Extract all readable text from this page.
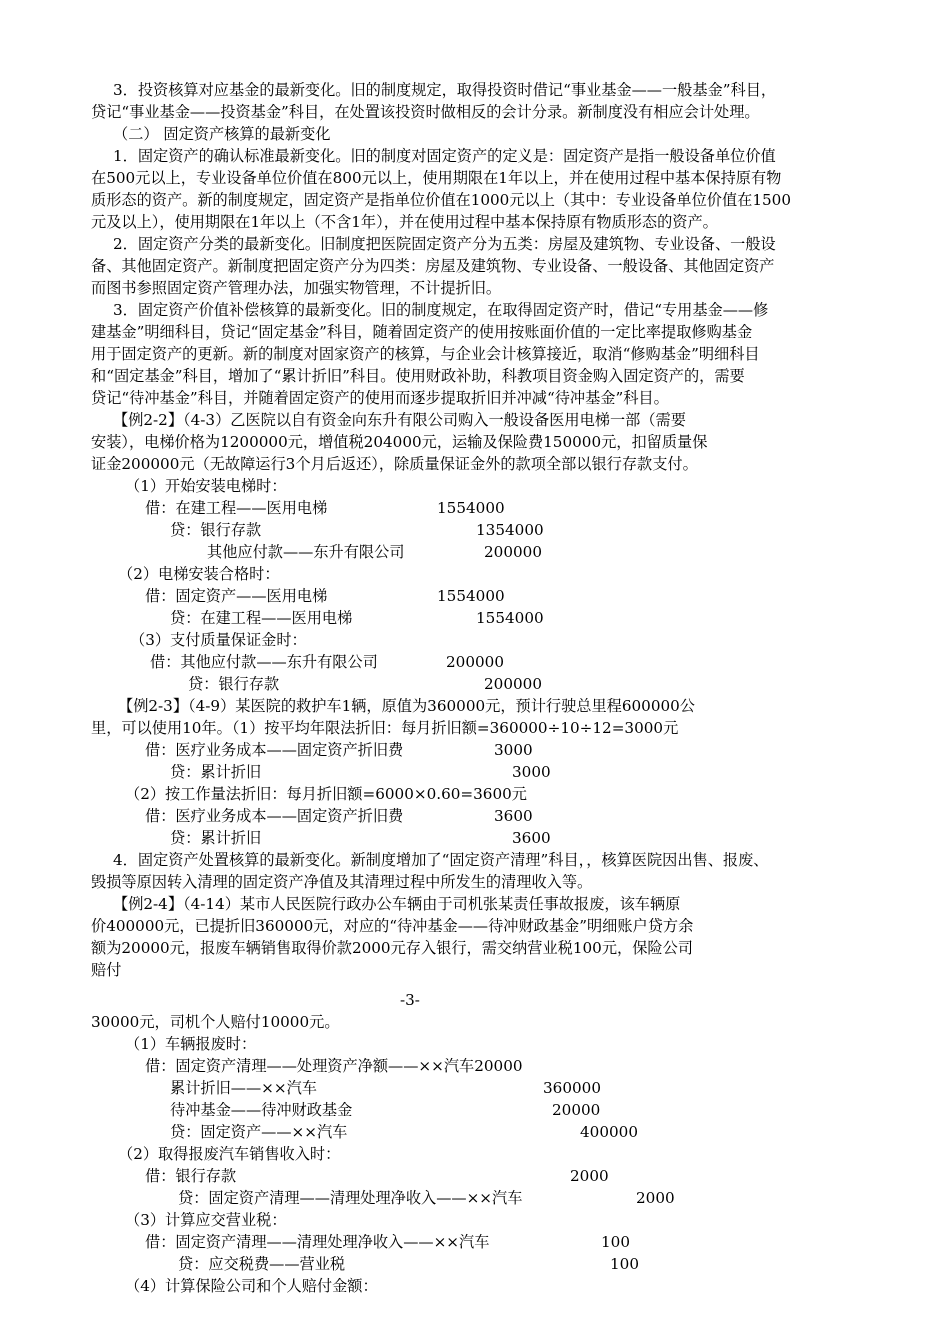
3．投资核算对应基金的最新变化。旧的制度规定，取得投资时借记“事业基金——一般基金”科目，
贷记“事业基金——投资基金”科目，在处置该投资时做相反的会计分录。新制度没有相应会计处理。
（二） 固定资产核算的最新变化
1．固定资产的确认标准最新变化。旧的制度对固定资产的定义是：固定资产是指一般设备单位价值
在500元以上，专业设备单位价值在800元以上，使用期限在1年以上，并在使用过程中基本保持原有物
质形态的资产。新的制度规定，固定资产是指单位价值在1000元以上（其中：专业设备单位价值在1500
元及以上），使用期限在1年以上（不含1年），并在使用过程中基本保持原有物质形态的资产。
2．固定资产分类的最新变化。旧制度把医院固定资产分为五类：房屋及建筑物、专业设备、一般设
备、其他固定资产。新制度把固定资产分为四类：房屋及建筑物、专业设备、一般设备、其他固定资产
而图书参照固定资产管理办法，加强实物管理，不计提折旧。
3．固定资产价值补偿核算的最新变化。旧的制度规定，在取得固定资产时，借记“专用基金——修
建基金”明细科目，贷记“固定基金”科目，随着固定资产的使用按账面价值的一定比率提取修购基金
用于固定资产的更新。新的制度对固家资产的核算，与企业会计核算接近，取消“修购基金”明细科目
和“固定基金”科目，增加了“累计折旧”科目。使用财政补助，科教项目资金购入固定资产的，需要
贷记“待冲基金”科目，并随着固定资产的使用而逐步提取折旧并冲减“待冲基金”科目。
【例2-2】（4-3）乙医院以自有资金向东升有限公司购入一般设备医用电梯一部（需要
安装），电梯价格为1200000元，增值税204000元，运输及保险费150000元，扣留质量保
证金200000元（无故障运行3个月后返还），除质量保证金外的款项全部以银行存款支付。
（1）开始安装电梯时：
借：在建工程——医用电梯
贷：银行存款
其他应付款——东升有限公司
（2）电梯安装合格时：
借：固定资产——医用电梯
贷：在建工程——医用电梯
（3）支付质量保证金时：
借：其他应付款——东升有限公司
贷：银行存款
【例2-3】（4-9）某医院的救护车1辆，原值为360000元，预计行驶总里程600000公
里，可以使用10年。（1）按平均年限法折旧：每月折旧额=360000÷10÷12=3000元
借：医疗业务成本——固定资产折旧费
贷：累计折旧
（2）按工作量法折旧：每月折旧额=6000×0.60=3600元
借：医疗业务成本——固定资产折旧费
贷：累计折旧
4．固定资产处置核算的最新变化。新制度增加了“固定资产清理”科目，，核算医院因出售、报废、
毁损等原因转入清理的固定资产净值及其清理过程中所发生的清理收入等。
【例2-4】（4-14）某市人民医院行政办公车辆由于司机张某责任事故报废，该车辆原
价400000元，已提折旧360000元，对应的“待冲基金——待冲财政基金”明细账户贷方余
额为20000元，报废车辆销售取得价款2000元存入银行，需交纳营业税100元，保险公司
赔付
-3-
30000元，司机个人赔付10000元。
（1）车辆报废时：
借：固定资产清理——处理资产净额——××汽车20000
累计折旧——××汽车
待冲基金——待冲财政基金
贷：固定资产——××汽车
（2）取得报废汽车销售收入时：
借：银行存款
贷：固定资产清理——清理处理净收入——××汽车
（3）计算应交营业税：
借：固定资产清理——清理处理净收入——××汽车
贷：应交税费——营业税
（4）计算保险公司和个人赔付金额：
1554000
1354000
200000
1554000
1554000
200000
200000
3000
3000
3600
3600
360000
20000
400000
2000
2000
100
100
